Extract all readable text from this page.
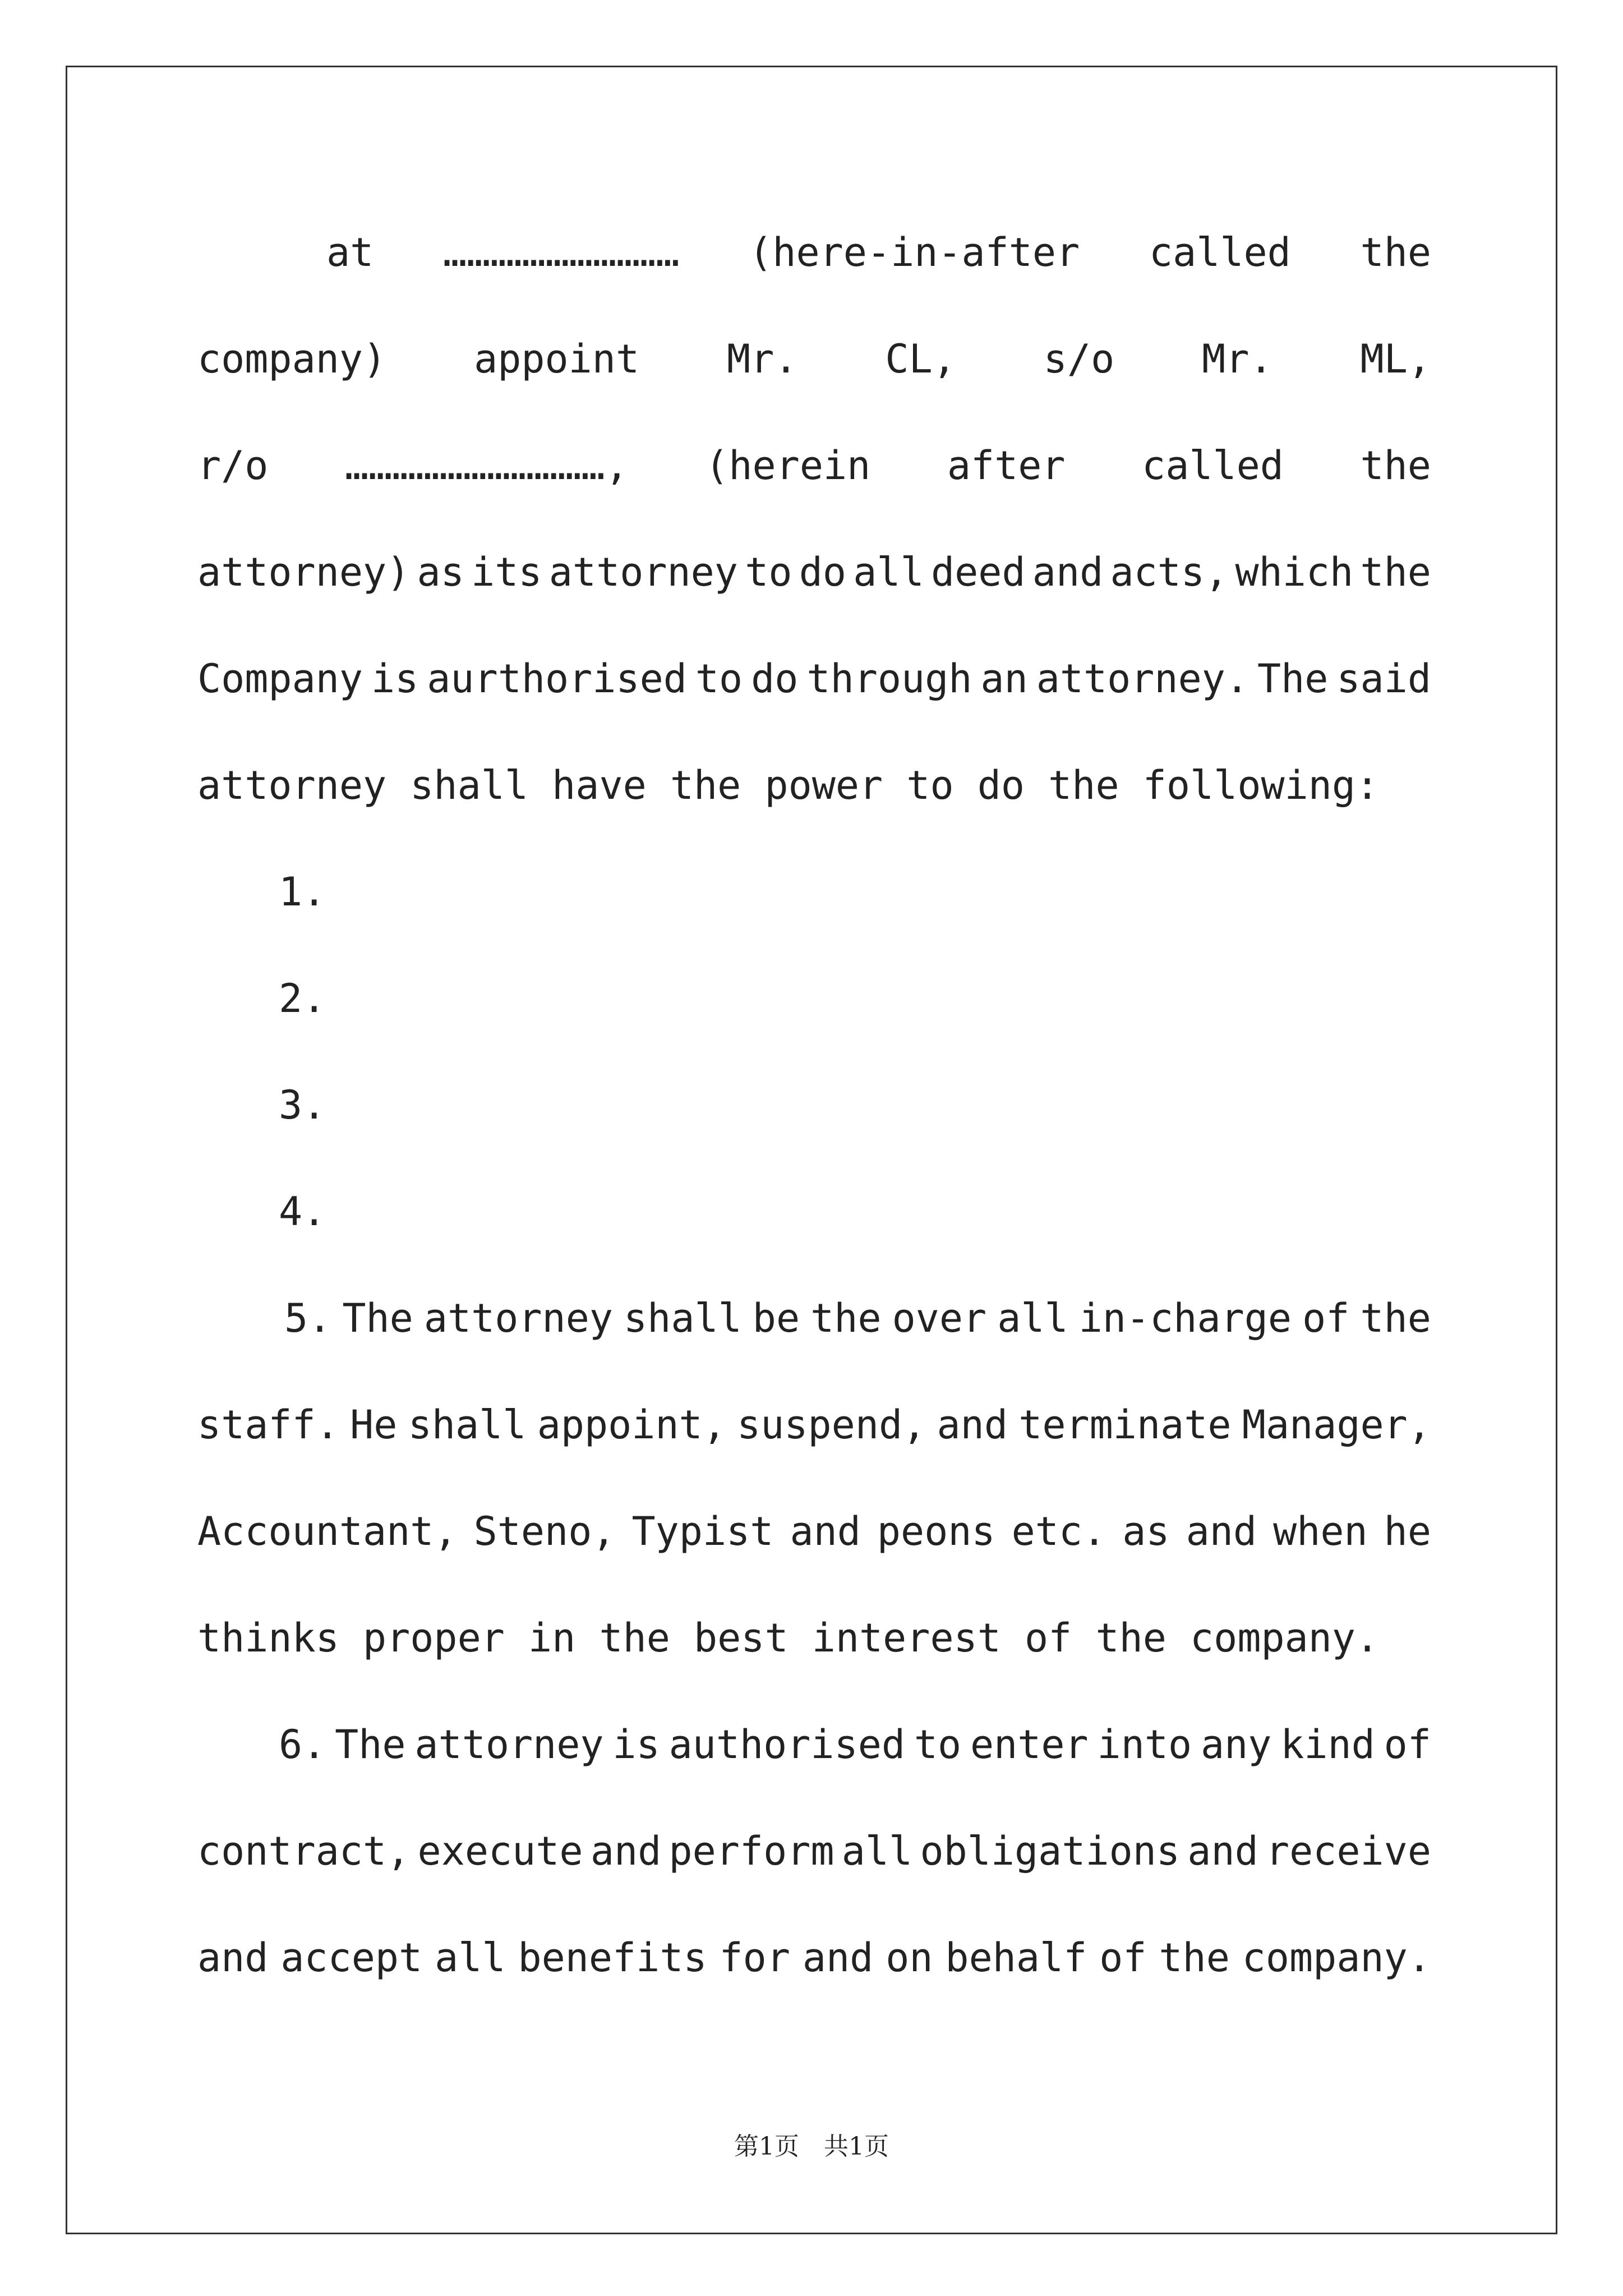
at ………………………… (here-in-after called the
company) appoint Mr. CL, s/o Mr. ML,
r/o ……………………………, (herein after called the
attorney) as its attorney to do all deed and acts, which the
Company is aurthorised to do through an attorney. The said
attorney shall have the power to do the following:
1.
2.
3.
4.
5. The attorney shall be the over all in-charge of the
staff. He shall appoint, suspend, and terminate Manager,
Accountant, Steno, Typist and peons etc. as and when he
thinks proper in the best interest of the company.
6. The attorney is authorised to enter into any kind of
contract, execute and perform all obligations and receive
and accept all benefits for and on behalf of the company.
第1页　共1页
